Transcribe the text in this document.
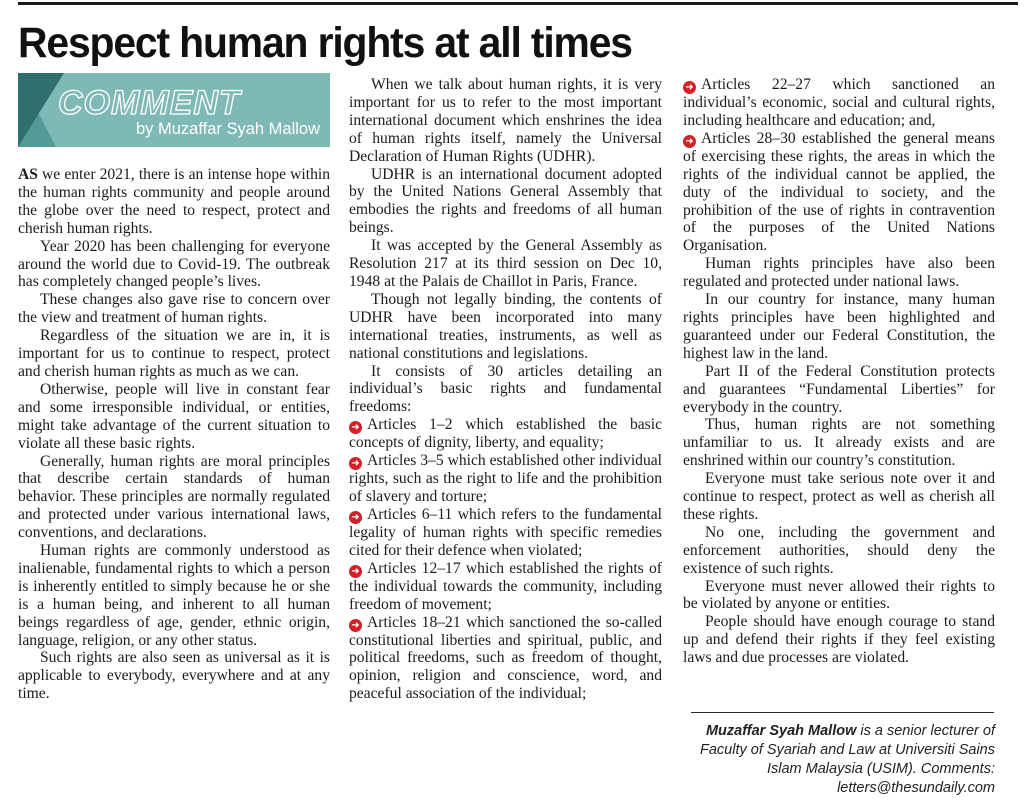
Respect human rights at all times
COMMENT
by Muzaffar Syah Mallow

AS we enter 2021, there is an intense hope within the human rights community and people around the globe over the need to respect, protect and cherish human rights.

Year 2020 has been challenging for everyone around the world due to Covid-19. The outbreak has completely changed people’s lives.

These changes also gave rise to concern over the view and treatment of human rights.

Regardless of the situation we are in, it is important for us to continue to respect, protect and cherish human rights as much as we can.

Otherwise, people will live in constant fear and some irresponsible individual, or entities, might take advantage of the current situation to violate all these basic rights.

Generally, human rights are moral principles that describe certain standards of human behavior. These principles are normally regulated and protected under various international laws, conventions, and declarations.

Human rights are commonly understood as inalienable, fundamental rights to which a person is inherently entitled to simply because he or she is a human being, and inherent to all human beings regardless of age, gender, ethnic origin, language, religion, or any other status.

Such rights are also seen as universal as it is applicable to everybody, everywhere and at any time.

When we talk about human rights, it is very important for us to refer to the most important international document which enshrines the idea of human rights itself, namely the Universal Declaration of Human Rights (UDHR).

UDHR is an international document adopted by the United Nations General Assembly that embodies the rights and freedoms of all human beings.

It was accepted by the General Assembly as Resolution 217 at its third session on Dec 10, 1948 at the Palais de Chaillot in Paris, France.

Though not legally binding, the contents of UDHR have been incorporated into many international treaties, instruments, as well as national constitutions and legislations.

It consists of 30 articles detailing an individual’s basic rights and fundamental freedoms:

➜ Articles 1–2 which established the basic concepts of dignity, liberty, and equality;

➜ Articles 3–5 which established other individual rights, such as the right to life and the prohibition of slavery and torture;

➜ Articles 6–11 which refers to the fundamental legality of human rights with specific remedies cited for their defence when violated;

➜ Articles 12–17 which established the rights of the individual towards the community, including freedom of movement;

➜ Articles 18–21 which sanctioned the so-called constitutional liberties and spiritual, public, and political freedoms, such as freedom of thought, opinion, religion and conscience, word, and peaceful association of the individual;

➜ Articles 22–27 which sanctioned an individual’s economic, social and cultural rights, including healthcare and education; and,

➜ Articles 28–30 established the general means of exercising these rights, the areas in which the rights of the individual cannot be applied, the duty of the individual to society, and the prohibition of the use of rights in contravention of the purposes of the United Nations Organisation.

Human rights principles have also been regulated and protected under national laws.

In our country for instance, many human rights principles have been highlighted and guaranteed under our Federal Constitution, the highest law in the land.

Part II of the Federal Constitution protects and guarantees “Fundamental Liberties” for everybody in the country.

Thus, human rights are not something unfamiliar to us. It already exists and are enshrined within our country’s constitution.

Everyone must take serious note over it and continue to respect, protect as well as cherish all these rights.

No one, including the government and enforcement authorities, should deny the existence of such rights.

Everyone must never allowed their rights to be violated by anyone or entities.

People should have enough courage to stand up and defend their rights if they feel existing laws and due processes are violated.

Muzaffar Syah Mallow is a senior lecturer of Faculty of Syariah and Law at Universiti Sains Islam Malaysia (USIM). Comments: letters@thesundaily.com
